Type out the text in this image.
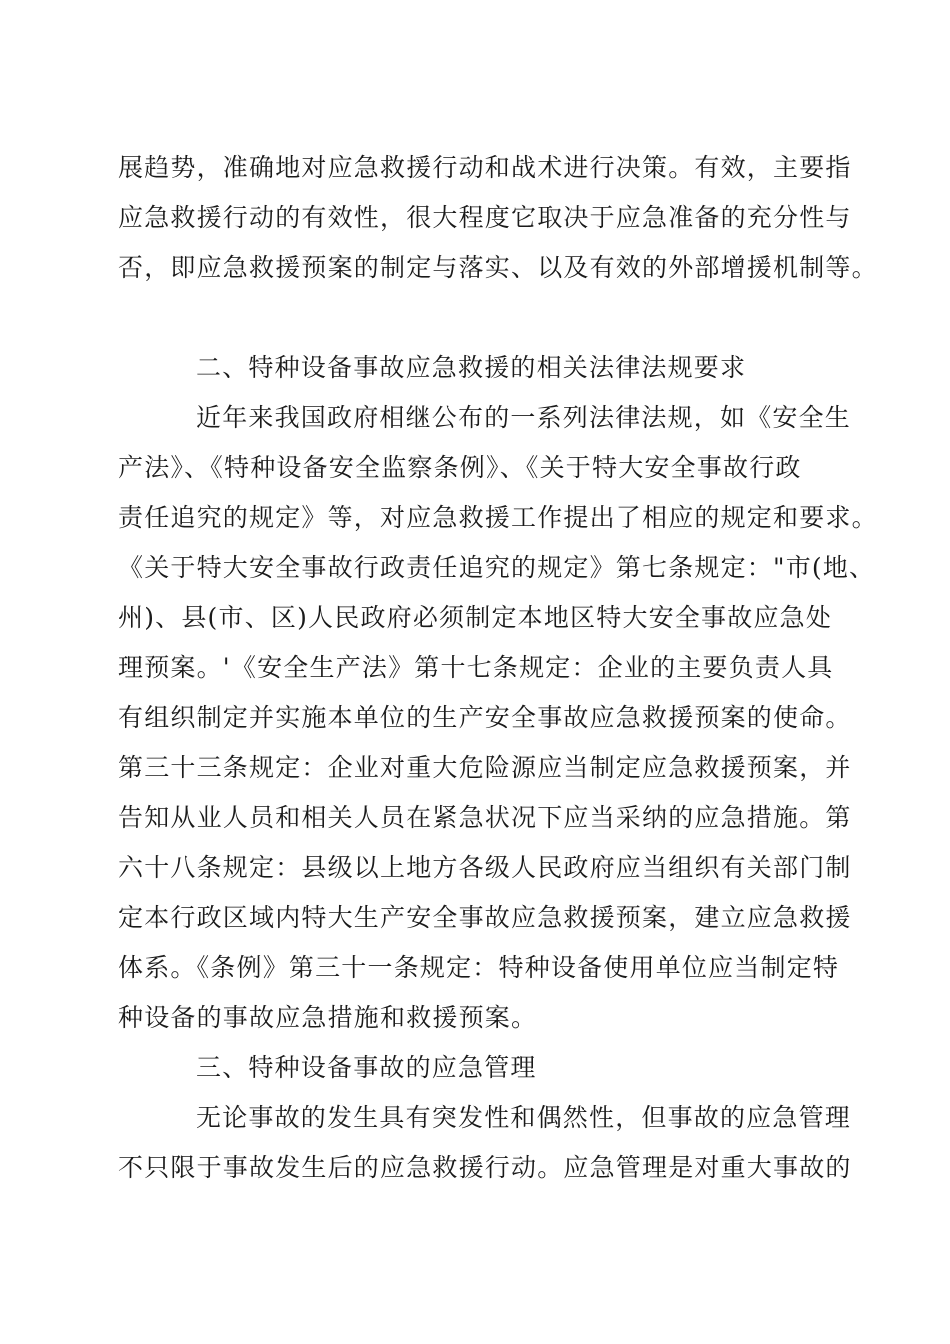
展趋势，准确地对应急救援行动和战术进行决策。有效，主要指
应急救援行动的有效性，很大程度它取决于应急准备的充分性与
否，即应急救援预案的制定与落实、以及有效的外部增援机制等。
二、特种设备事故应急救援的相关法律法规要求
近年来我国政府相继公布的一系列法律法规，如《安全生
产法》、《特种设备安全监察条例》、《关于特大安全事故行政
责任追究的规定》等，对应急救援工作提出了相应的规定和要求。
《关于特大安全事故行政责任追究的规定》第七条规定："市(地、
州)、县(市、区)人民政府必须制定本地区特大安全事故应急处
理预案。'《安全生产法》第十七条规定：企业的主要负责人具
有组织制定并实施本单位的生产安全事故应急救援预案的使命。
第三十三条规定：企业对重大危险源应当制定应急救援预案，并
告知从业人员和相关人员在紧急状况下应当采纳的应急措施。第
六十八条规定：县级以上地方各级人民政府应当组织有关部门制
定本行政区域内特大生产安全事故应急救援预案，建立应急救援
体系。《条例》第三十一条规定：特种设备使用单位应当制定特
种设备的事故应急措施和救援预案。
三、特种设备事故的应急管理
无论事故的发生具有突发性和偶然性，但事故的应急管理
不只限于事故发生后的应急救援行动。应急管理是对重大事故的
